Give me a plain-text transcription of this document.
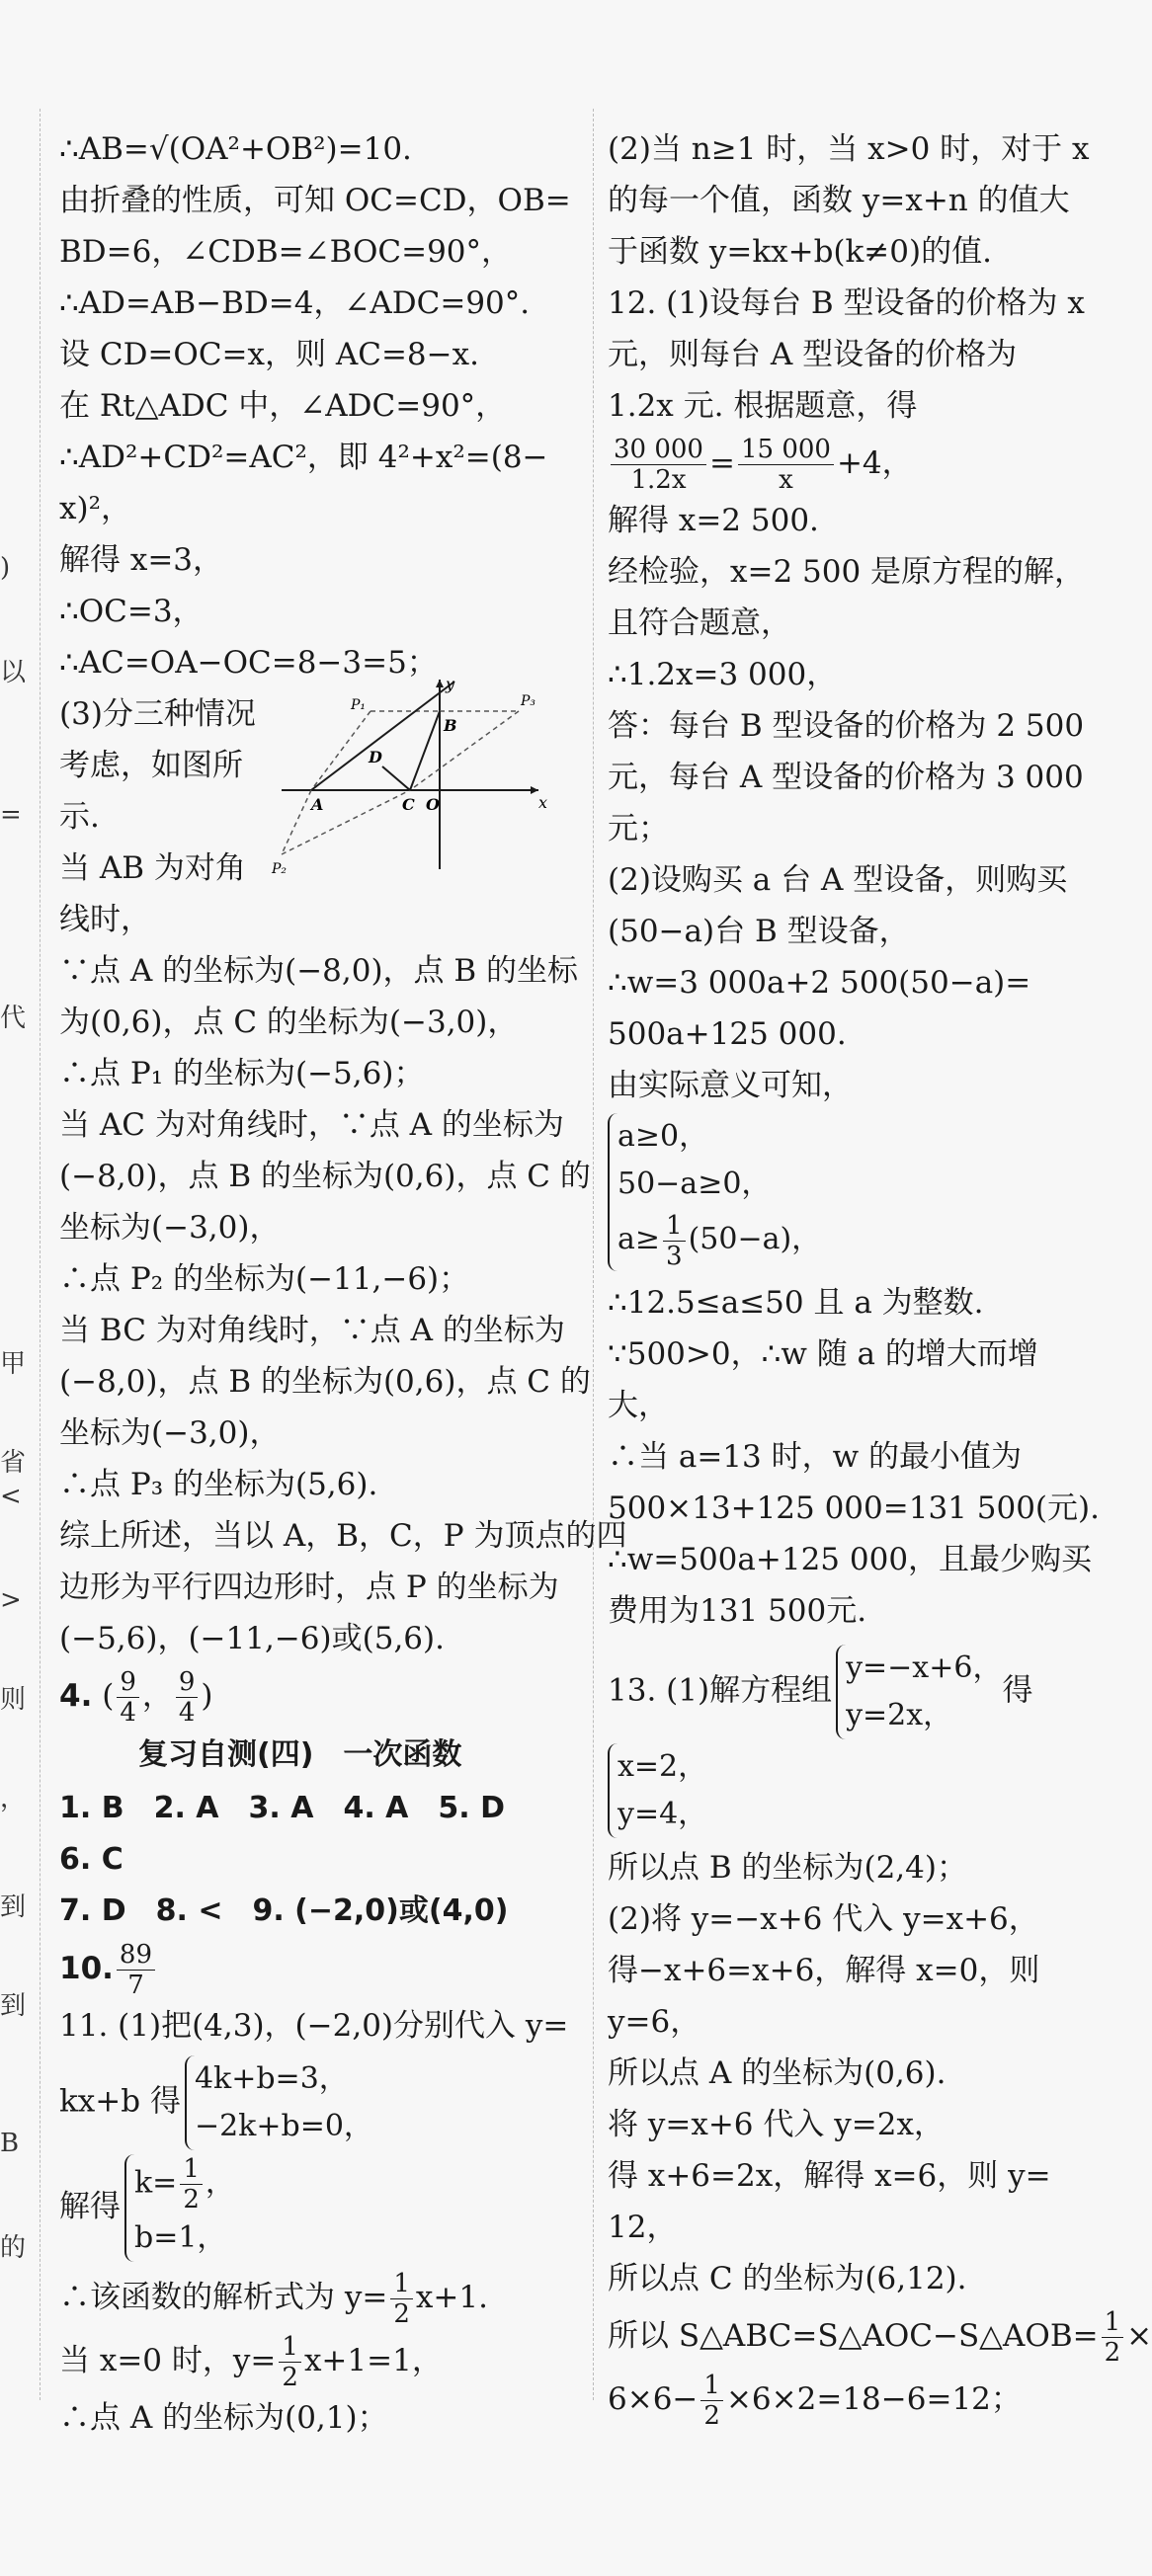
)
以
=
代
甲
省
<
>
则
，
到
到
B
的
∴AB=√(OA²+OB²)=10.
由折叠的性质，可知 OC=CD，OB=
BD=6，∠CDB=∠BOC=90°，
∴AD=AB−BD=4，∠ADC=90°.
设 CD=OC=x，则 AC=8−x.
在 Rt△ADC 中，∠ADC=90°，
∴AD²+CD²=AC²，即 4²+x²=(8−
x)²，
解得 x=3，
∴OC=3，
∴AC=OA−OC=8−3=5；
(3)分三种情况
考虑，如图所
示.
当 AB 为对角
线时，
∵点 A 的坐标为(−8,0)，点 B 的坐标
为(0,6)，点 C 的坐标为(−3,0)，
∴点 P₁ 的坐标为(−5,6)；
当 AC 为对角线时，∵点 A 的坐标为
(−8,0)，点 B 的坐标为(0,6)，点 C 的
坐标为(−3,0)，
∴点 P₂ 的坐标为(−11,−6)；
当 BC 为对角线时，∵点 A 的坐标为
(−8,0)，点 B 的坐标为(0,6)，点 C 的
坐标为(−3,0)，
∴点 P₃ 的坐标为(5,6).
综上所述，当以 A，B，C，P 为顶点的四
边形为平行四边形时，点 P 的坐标为
(−5,6)，(−11,−6)或(5,6).
4. ( $\frac{9}{4}$ ， $\frac{9}{4}$ )
复习自测(四)　一次函数
1. B　2. A　3. A　4. A　5. D　6. C
7. D　8. <　9. (−2,0)或(4,0)
10. $\frac{89}{7}$
11. (1)把(4,3)，(−2,0)分别代入 y=
kx+b 得
4k+b=3，
−2k+b=0，
解得
$k= \frac{1}{2}$ ，
b=1，
∴该函数的解析式为 $y= \frac{1}{2} x+1$.
当 x=0 时，$y= \frac{1}{2} x+1=1$，
∴点 A 的坐标为(0,1)；
y
x
P₁
P₂
P₃
B
D
A	C O
(2)当 n≥1 时，当 x>0 时，对于 x
的每一个值，函数 y=x+n 的值大
于函数 y=kx+b(k≠0)的值.
12. (1)设每台 B 型设备的价格为 x
元，则每台 A 型设备的价格为
1.2x 元. 根据题意，得
$\frac{30 000}{1.2x} = \frac{15 000}{x} +4$，
解得 x=2 500.
经检验，x=2 500 是原方程的解，
且符合题意，
∴1.2x=3 000，
答：每台 B 型设备的价格为 2 500
元，每台 A 型设备的价格为 3 000
元；
(2)设购买 a 台 A 型设备，则购买
(50−a)台 B 型设备，
∴w=3 000a+2 500(50−a)=
500a+125 000.
由实际意义可知，
a≥0，
50−a≥0，
$a\ge \frac{1}{3} (50-a)$，
∴12.5≤a≤50 且 a 为整数.
∵500>0，∴w 随 a 的增大而增
大，
∴当 a=13 时，w 的最小值为
500×13+125 000=131 500(元).
∴w=500a+125 000，且最少购买
费用为131 500元.
13. (1)解方程组
y=−x+6，
y=2x，
得
x=2，
y=4，
所以点 B 的坐标为(2,4)；
(2)将 y=−x+6 代入 y=x+6，
得−x+6=x+6，解得 x=0，则
y=6，
所以点 A 的坐标为(0,6).
将 y=x+6 代入 y=2x，
得 x+6=2x，解得 x=6，则 y=
12，
所以点 C 的坐标为(6,12).
所以 S△ABC=S△AOC−S△AOB= $\frac{1}{2}$ ×
$6\times 6- \frac{1}{2} \times 6\times 2=18-6=12$；
